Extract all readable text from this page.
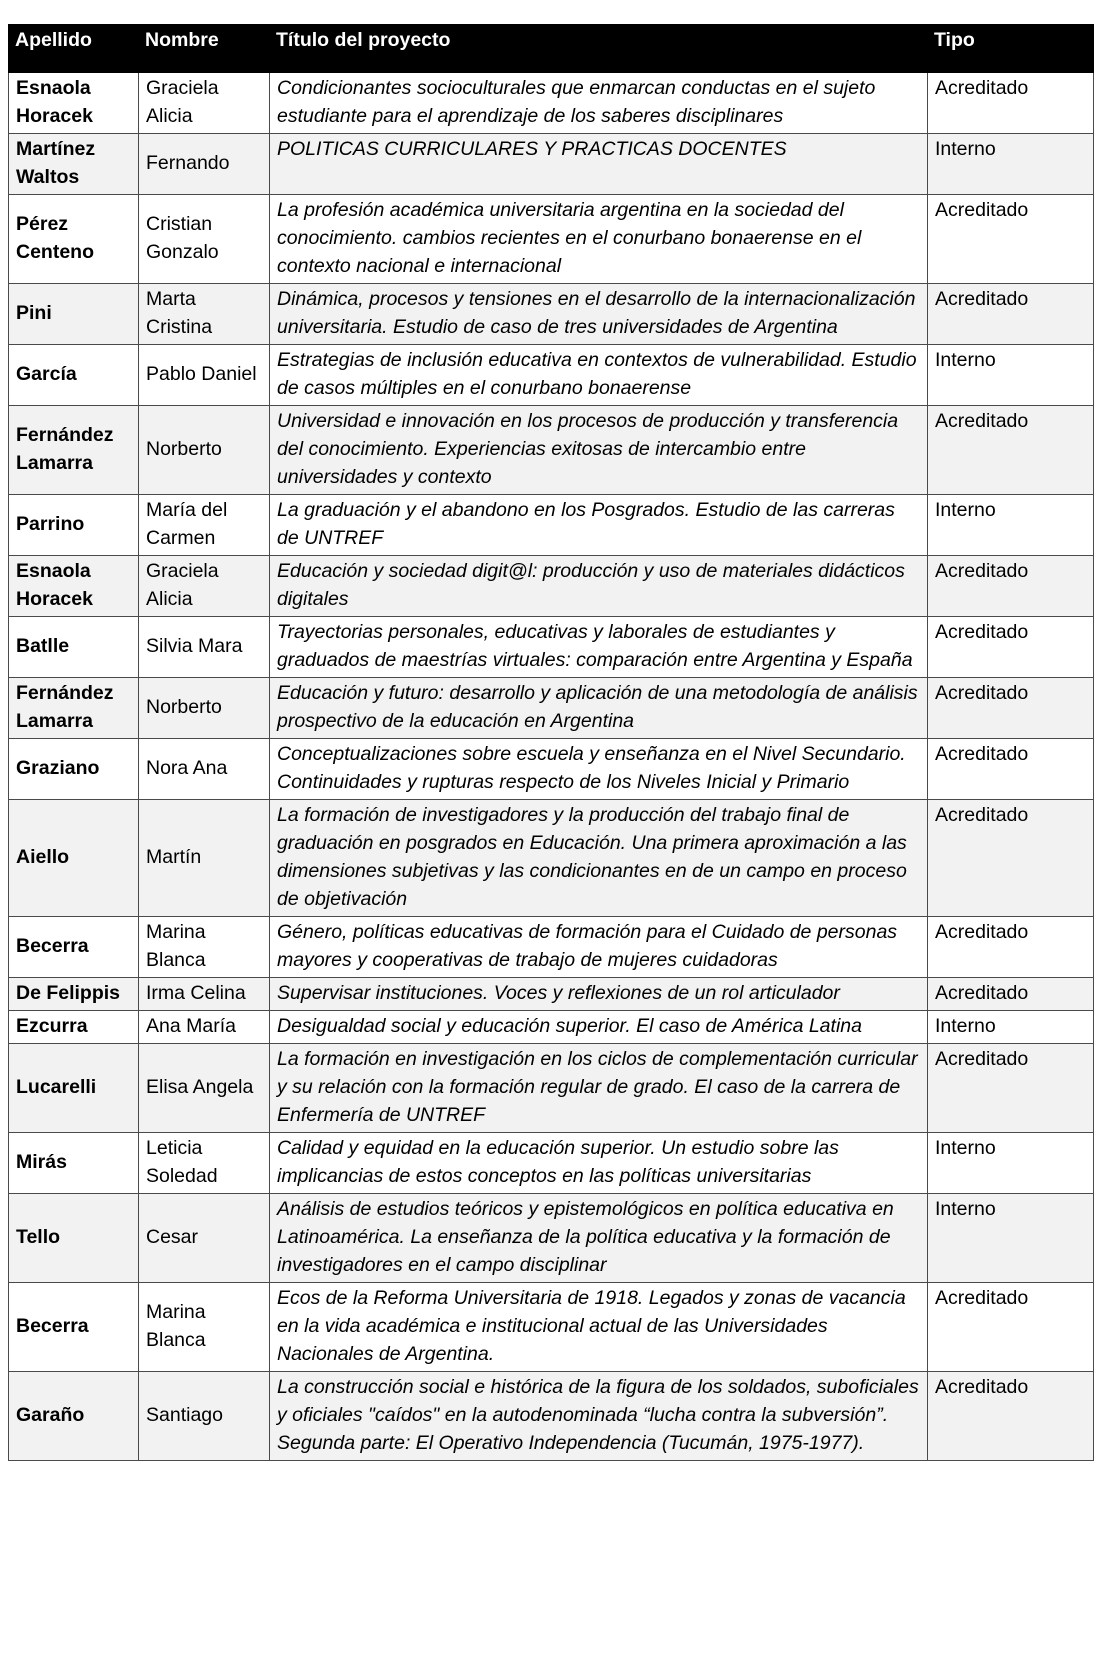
Apellido	Nombre	Título del proyecto	Tipo
Esnaola Horacek	Graciela Alicia	Condicionantes socioculturales que enmarcan conductas en el sujeto estudiante para el aprendizaje de los saberes disciplinares	Acreditado
Martínez Waltos	Fernando	POLITICAS CURRICULARES Y PRACTICAS DOCENTES	Interno
Pérez Centeno	Cristian Gonzalo	La profesión académica universitaria argentina en la sociedad del conocimiento. cambios recientes en el conurbano bonaerense en el contexto nacional e internacional	Acreditado
Pini	Marta Cristina	Dinámica, procesos y tensiones en el desarrollo de la internacionalización universitaria. Estudio de caso de tres universidades de Argentina	Acreditado
García	Pablo Daniel	Estrategias de inclusión educativa en contextos de vulnerabilidad. Estudio de casos múltiples en el conurbano bonaerense	Interno
Fernández Lamarra	Norberto	Universidad e innovación en los procesos de producción y transferencia del conocimiento. Experiencias exitosas de intercambio entre universidades y contexto	Acreditado
Parrino	María del Carmen	La graduación y el abandono en los Posgrados. Estudio de las carreras de UNTREF	Interno
Esnaola Horacek	Graciela Alicia	Educación y sociedad digit@l: producción y uso de materiales didácticos digitales	Acreditado
Batlle	Silvia Mara	Trayectorias personales, educativas y laborales de estudiantes y graduados de maestrías virtuales: comparación entre Argentina y España	Acreditado
Fernández Lamarra	Norberto	Educación y futuro: desarrollo y aplicación de una metodología de análisis prospectivo de la educación en Argentina	Acreditado
Graziano	Nora Ana	Conceptualizaciones sobre escuela y enseñanza en el Nivel Secundario. Continuidades y rupturas respecto de los Niveles Inicial y Primario	Acreditado
Aiello	Martín	La formación de investigadores y la producción del trabajo final de graduación en posgrados en Educación. Una primera aproximación a las dimensiones subjetivas y las condicionantes en de un campo en proceso de objetivación	Acreditado
Becerra	Marina Blanca	Género, políticas educativas de formación para el Cuidado de personas mayores y cooperativas de trabajo de mujeres cuidadoras	Acreditado
De Felippis	Irma Celina	Supervisar instituciones. Voces y reflexiones de un rol articulador	Acreditado
Ezcurra	Ana María	Desigualdad social y educación superior. El caso de América Latina	Interno
Lucarelli	Elisa Angela	La formación en investigación en los ciclos de complementación curricular y su relación con la formación regular de grado. El caso de la carrera de Enfermería de UNTREF	Acreditado
Mirás	Leticia Soledad	Calidad y equidad en la educación superior. Un estudio sobre las implicancias de estos conceptos en las políticas universitarias	Interno
Tello	Cesar	Análisis de estudios teóricos y epistemológicos en política educativa en Latinoamérica. La enseñanza de la política educativa y la formación de investigadores en el campo disciplinar	Interno
Becerra	Marina Blanca	Ecos de la Reforma Universitaria de 1918. Legados y zonas de vacancia en la vida académica e institucional actual de las Universidades Nacionales de Argentina.	Acreditado
Garaño	Santiago	La construcción social e histórica de la figura de los soldados, suboficiales y oficiales "caídos" en la autodenominada “lucha contra la subversión”. Segunda parte: El Operativo Independencia (Tucumán, 1975-1977).	Acreditado
